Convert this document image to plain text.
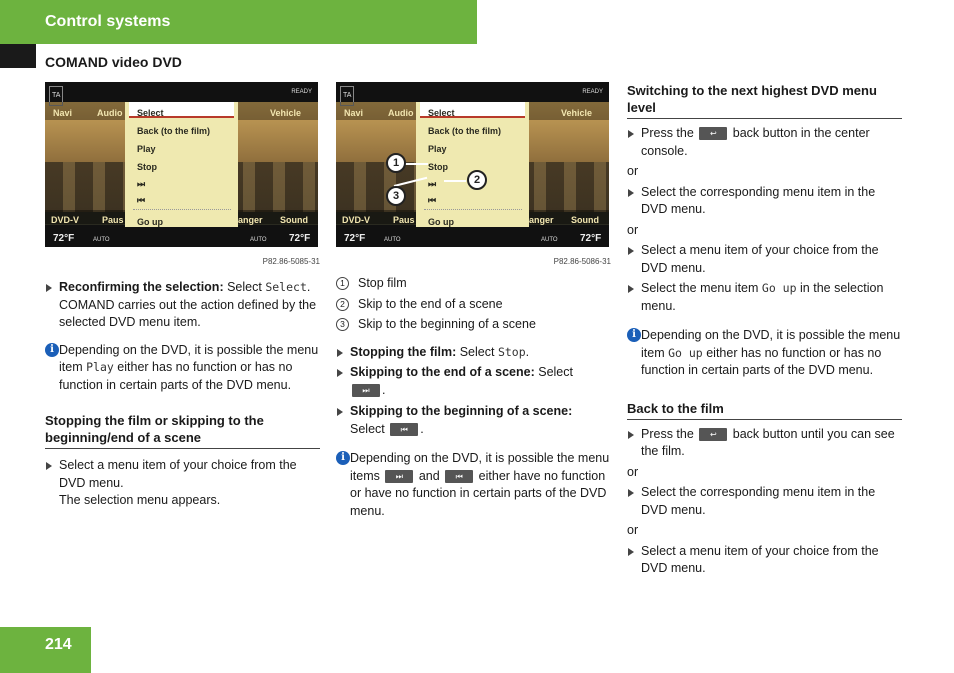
Control systems
COMAND video DVD
TA	READY
Navi	Audio	Vehicle
DVD-V	Paus	anger Sound
72°F	AUTO	AUTO 72°F
Select
Back (to the film)
Play
Stop
⏭
⏮
Go up
P82.86-5085-31
Reconfirming the selection: Select Select.
COMAND carries out the action defined by the selected DVD menu item.
i Depending on the DVD, it is possible the menu item Play either has no function or has no function in certain parts of the DVD menu.
Stopping the film or skipping to the beginning/end of a scene
Select a menu item of your choice from the DVD menu.
The selection menu appears.
TA	READY
Navi	Audio	Vehicle
DVD-V	Paus	anger Sound
72°F	AUTO	AUTO 72°F
Select
Back (to the film)
Play
Stop
⏭
⏮
Go up
1
2
3
P82.86-5086-31
1	Stop film
2	Skip to the end of a scene
3	Skip to the beginning of a scene
Stopping the film: Select Stop.
Skipping to the end of a scene: Select
⏭ .
Skipping to the beginning of a scene:
Select ⏮ .
i Depending on the DVD, it is possible the menu items ⏭ and ⏮ either have no function or have no function in certain parts of the DVD menu.
Switching to the next highest DVD menu level
Press the ↩ back button in the center console.
or
Select the corresponding menu item in the DVD menu.
or
Select a menu item of your choice from the DVD menu.
Select the menu item Go up in the selection menu.
i Depending on the DVD, it is possible the menu item Go up either has no function or has no function in certain parts of the DVD menu.
Back to the film
Press the ↩ back button until you can see the film.
or
Select the corresponding menu item in the DVD menu.
or
Select a menu item of your choice from the DVD menu.
214
